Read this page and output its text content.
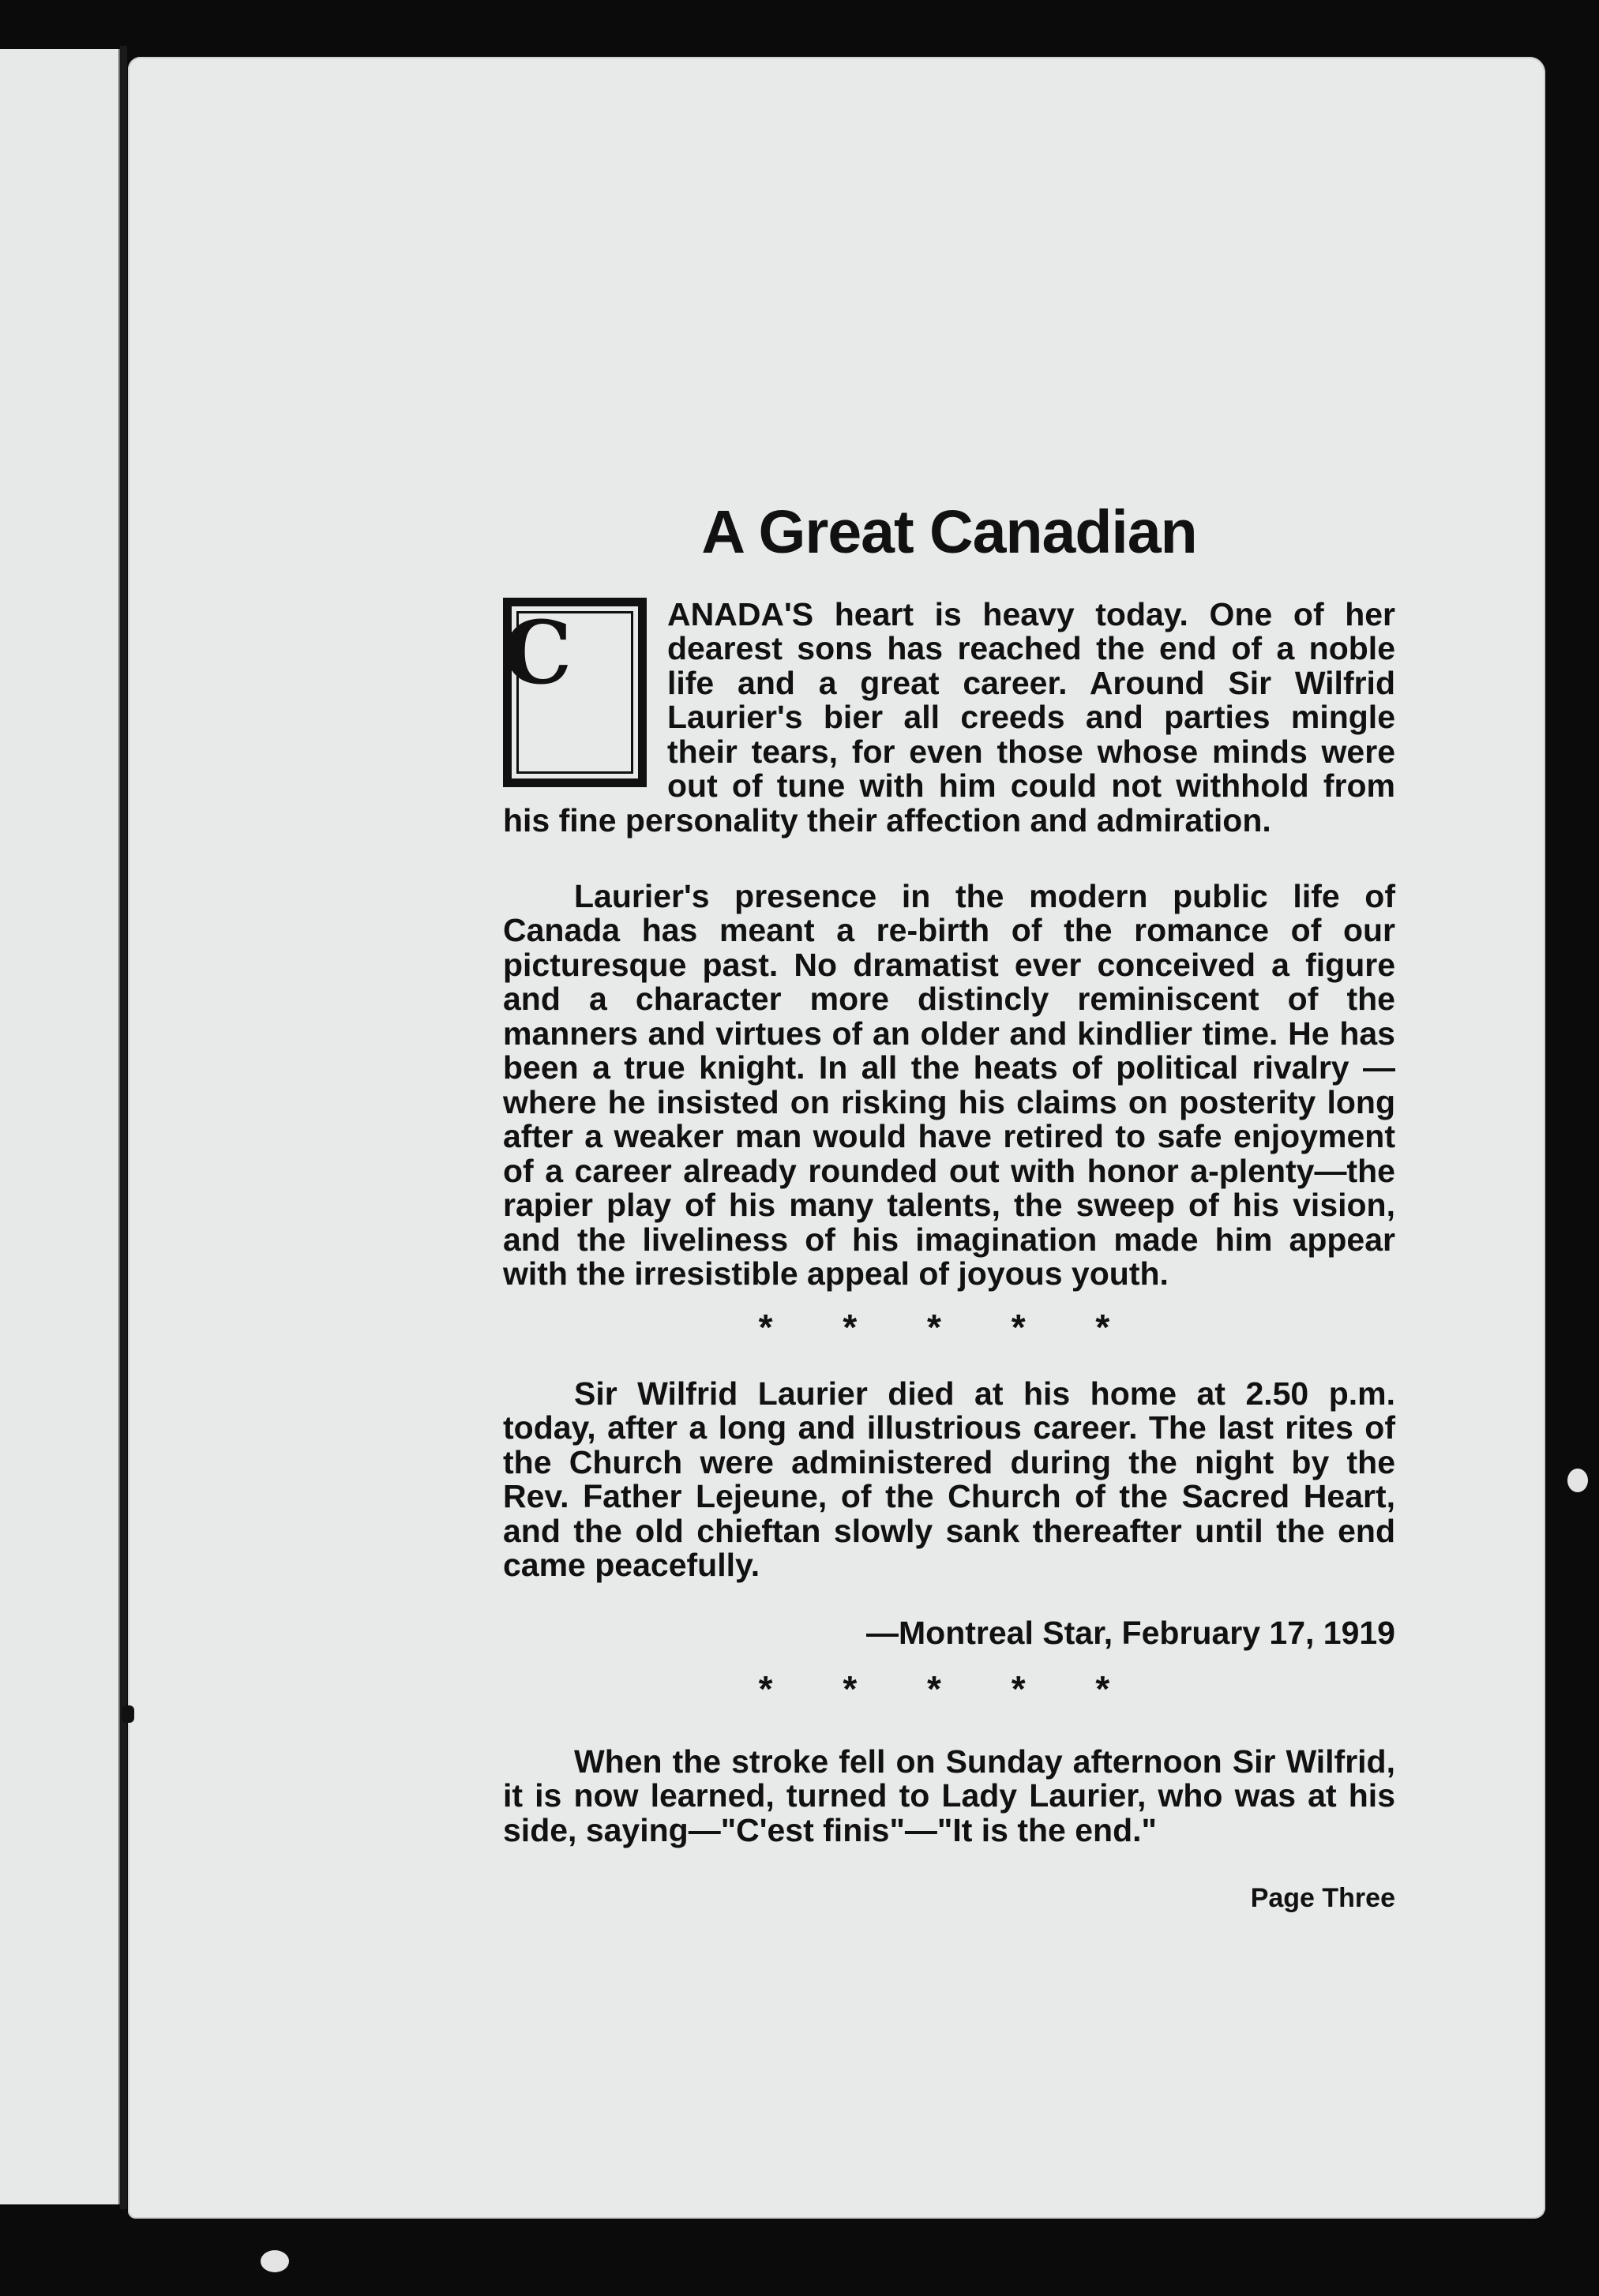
A Great Canadian

C	ANADA'S heart is heavy today. One of her dearest sons has reached the end of a noble life and a great career. Around Sir Wilfrid Laurier's bier all creeds and parties mingle their tears, for even those whose minds were out of tune with him could not withhold from his fine personality their affection and admiration.

Laurier's presence in the modern public life of Canada has meant a re-birth of the romance of our picturesque past. No dramatist ever conceived a figure and a character more distincly reminiscent of the manners and virtues of an older and kindlier time. He has been a true knight. In all the heats of political rivalry —where he insisted on risking his claims on posterity long after a weaker man would have retired to safe enjoyment of a career already rounded out with honor a-plenty—the rapier play of his many talents, the sweep of his vision, and the liveliness of his imagination made him appear with the irresistible appeal of joyous youth.

* * * * *

Sir Wilfrid Laurier died at his home at 2.50 p.m. today, after a long and illustrious career. The last rites of the Church were administered during the night by the Rev. Father Lejeune, of the Church of the Sacred Heart, and the old chieftan slowly sank thereafter until the end came peacefully.

—Montreal Star, February 17, 1919
* * * * *

When the stroke fell on Sunday afternoon Sir Wilfrid, it is now learned, turned to Lady Laurier, who was at his side, saying—"C'est finis"—"It is the end."

Page Three
